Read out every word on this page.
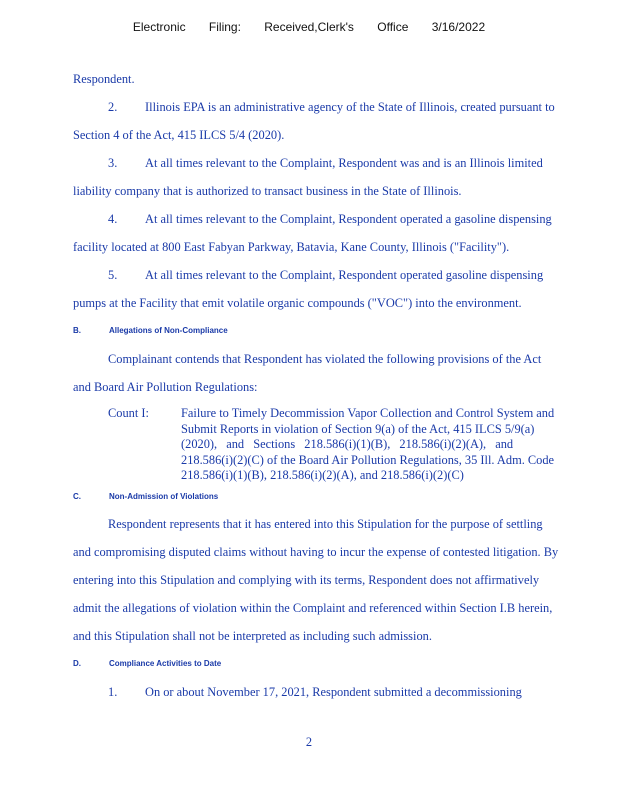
Electronic Filing: Received,Clerk's Office 3/16/2022
Respondent.
2. Illinois EPA is an administrative agency of the State of Illinois, created pursuant to
Section 4 of the Act, 415 ILCS 5/4 (2020).
3. At all times relevant to the Complaint, Respondent was and is an Illinois limited
liability company that is authorized to transact business in the State of Illinois.
4. At all times relevant to the Complaint, Respondent operated a gasoline dispensing
facility located at 800 East Fabyan Parkway, Batavia, Kane County, Illinois ("Facility").
5. At all times relevant to the Complaint, Respondent operated gasoline dispensing
pumps at the Facility that emit volatile organic compounds ("VOC") into the environment.
B.	Allegations of Non-Compliance
Complainant contends that Respondent has violated the following provisions of the Act
and Board Air Pollution Regulations:
Count I:	Failure to Timely Decommission Vapor Collection and Control System and
Submit Reports in violation of Section 9(a) of the Act, 415 ILCS 5/9(a)
(2020), and Sections 218.586(i)(1)(B), 218.586(i)(2)(A), and
218.586(i)(2)(C) of the Board Air Pollution Regulations, 35 Ill. Adm. Code
218.586(i)(1)(B), 218.586(i)(2)(A), and 218.586(i)(2)(C)
C.	Non-Admission of Violations
Respondent represents that it has entered into this Stipulation for the purpose of settling
and compromising disputed claims without having to incur the expense of contested litigation. By
entering into this Stipulation and complying with its terms, Respondent does not affirmatively
admit the allegations of violation within the Complaint and referenced within Section I.B herein,
and this Stipulation shall not be interpreted as including such admission.
D.	Compliance Activities to Date
1. On or about November 17, 2021, Respondent submitted a decommissioning
2
